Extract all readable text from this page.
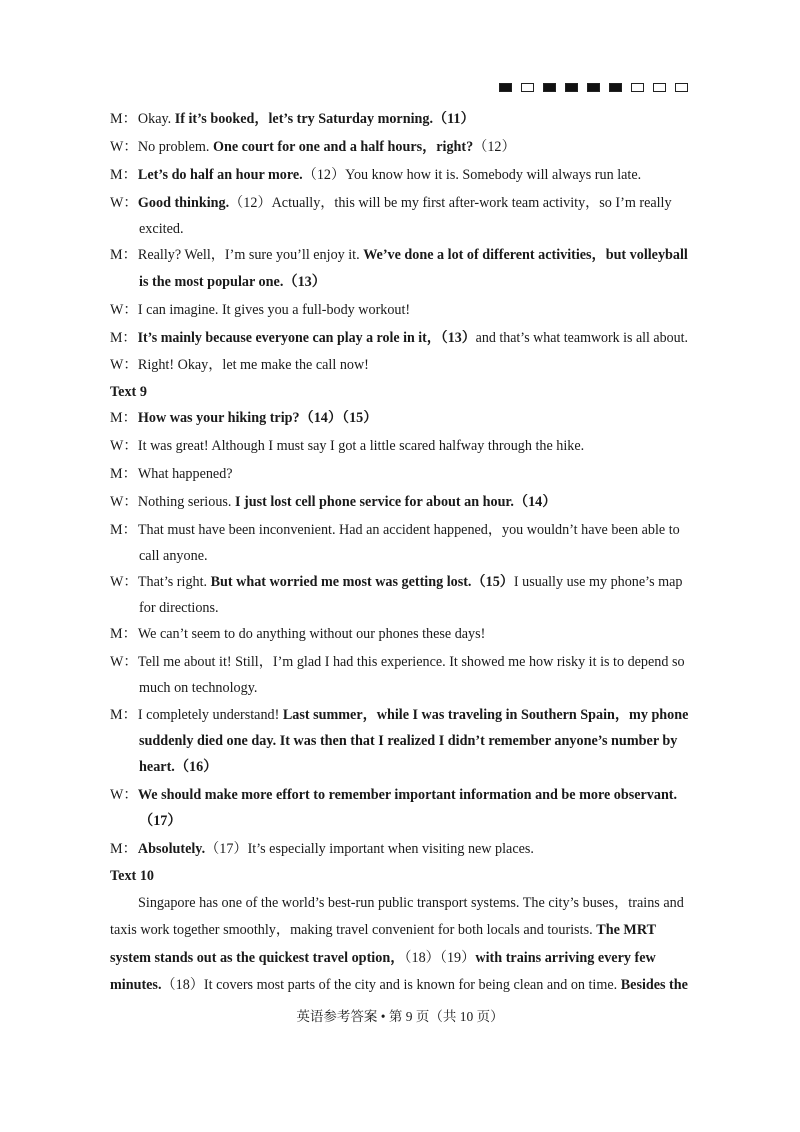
M：Okay. If it’s booked，let’s try Saturday morning.（11）
W：No problem. One court for one and a half hours，right?（12）
M：Let’s do half an hour more.（12）You know how it is. Somebody will always run late.
W：Good thinking.（12）Actually，this will be my first after-work team activity，so I’m really
excited.
M：Really? Well，I’m sure you’ll enjoy it. We’ve done a lot of different activities，but volleyball
is the most popular one.（13）
W：I can imagine. It gives you a full-body workout!
M：It’s mainly because everyone can play a role in it，（13）and that’s what teamwork is all about.
W：Right! Okay，let me make the call now!
Text 9
M：How was your hiking trip?（14）（15）
W：It was great! Although I must say I got a little scared halfway through the hike.
M：What happened?
W：Nothing serious. I just lost cell phone service for about an hour.（14）
M：That must have been inconvenient. Had an accident happened，you wouldn’t have been able to
call anyone.
W：That’s right. But what worried me most was getting lost.（15）I usually use my phone’s map
for directions.
M：We can’t seem to do anything without our phones these days!
W：Tell me about it! Still，I’m glad I had this experience. It showed me how risky it is to depend so
much on technology.
M：I completely understand! Last summer，while I was traveling in Southern Spain，my phone
suddenly died one day. It was then that I realized I didn’t remember anyone’s number by
heart.（16）
W：We should make more effort to remember important information and be more observant.
（17）
M：Absolutely.（17）It’s especially important when visiting new places.
Text 10
Singapore has one of the world’s best-run public transport systems. The city’s buses，trains and
taxis work together smoothly，making travel convenient for both locals and tourists. The MRT
system stands out as the quickest travel option，（18）（19）with trains arriving every few
minutes.（18）It covers most parts of the city and is known for being clean and on time. Besides the
英语参考答案 • 第 9 页（共 10 页）
